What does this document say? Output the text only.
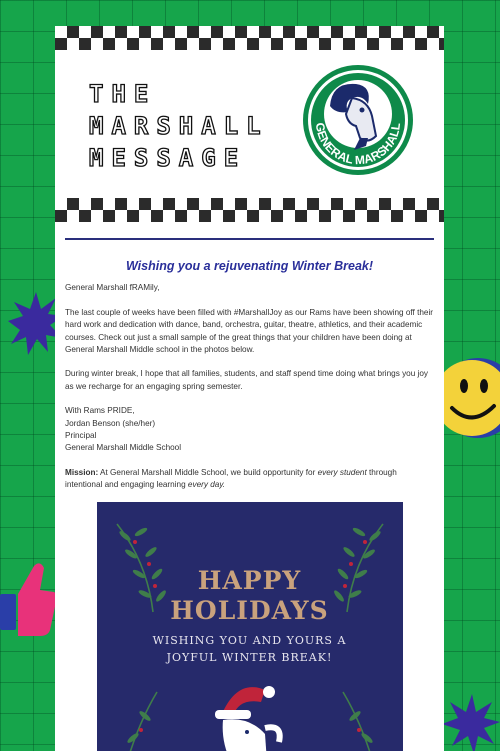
THE
MARSHALL
MESSAGE
GENERAL MARSHALL
Wishing you a rejuvenating Winter Break!

General Marshall fRAMily,

The last couple of weeks have been filled with #MarshallJoy as our Rams have been showing off their hard work and dedication with dance, band, orchestra, guitar, theatre, athletics, and their academic courses. Check out just a small sample of the great things that your children have been doing at General Marshall Middle school in the photos below.

During winter break, I hope that all families, students, and staff spend time doing what brings you joy as we recharge for an engaging spring semester.

With Rams PRIDE,
Jordan Benson (she/her)
Principal
General Marshall Middle School

Mission: At General Marshall Middle School, we build opportunity for every student through intentional and engaging learning every day.

HAPPY
HOLIDAYS
WISHING YOU AND YOURS A
JOYFUL WINTER BREAK!
